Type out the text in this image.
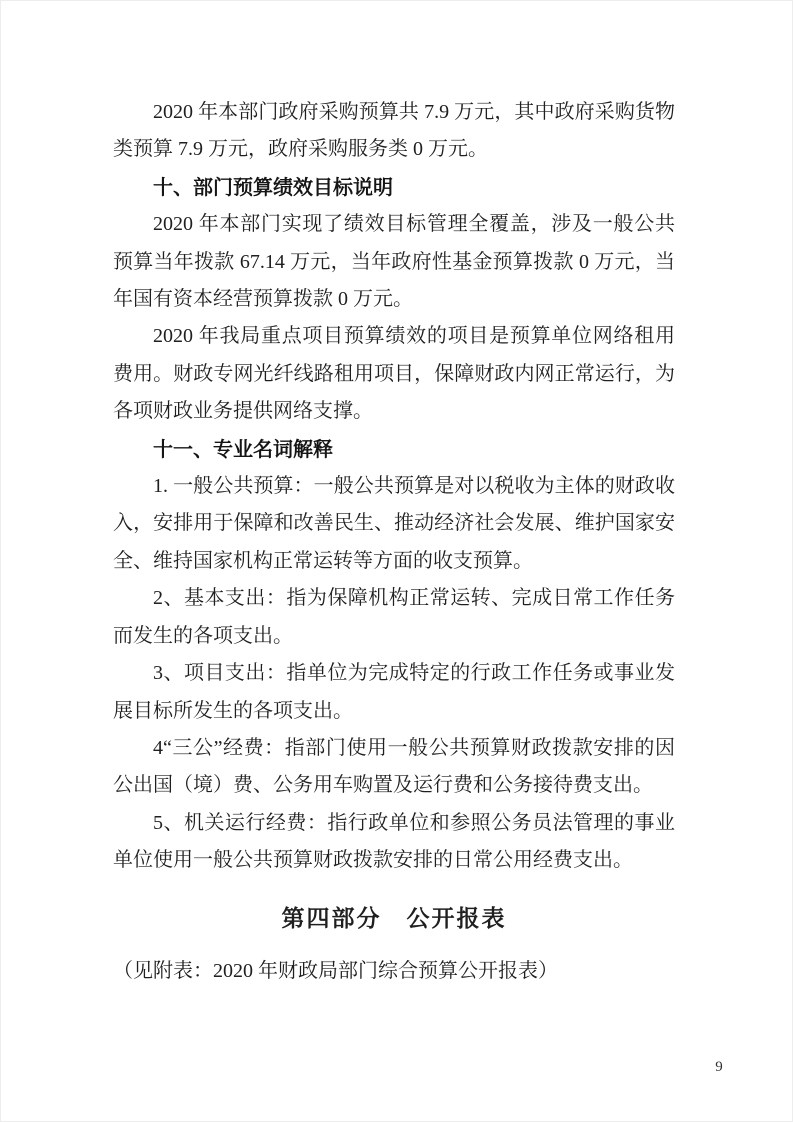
2020 年本部门政府采购预算共 7.9 万元，其中政府采购货物类预算 7.9 万元，政府采购服务类 0 万元。

十、部门预算绩效目标说明

2020 年本部门实现了绩效目标管理全覆盖，涉及一般公共预算当年拨款 67.14 万元，当年政府性基金预算拨款 0 万元，当年国有资本经营预算拨款 0 万元。

2020 年我局重点项目预算绩效的项目是预算单位网络租用费用。财政专网光纤线路租用项目，保障财政内网正常运行，为各项财政业务提供网络支撑。

十一、专业名词解释

1. 一般公共预算：一般公共预算是对以税收为主体的财政收入，安排用于保障和改善民生、推动经济社会发展、维护国家安全、维持国家机构正常运转等方面的收支预算。

2、基本支出：指为保障机构正常运转、完成日常工作任务而发生的各项支出。

3、项目支出：指单位为完成特定的行政工作任务或事业发展目标所发生的各项支出。

4“三公”经费：指部门使用一般公共预算财政拨款安排的因公出国（境）费、公务用车购置及运行费和公务接待费支出。

5、机关运行经费：指行政单位和参照公务员法管理的事业单位使用一般公共预算财政拨款安排的日常公用经费支出。

第四部分　公开报表

（见附表：2020 年财政局部门综合预算公开报表）

9
